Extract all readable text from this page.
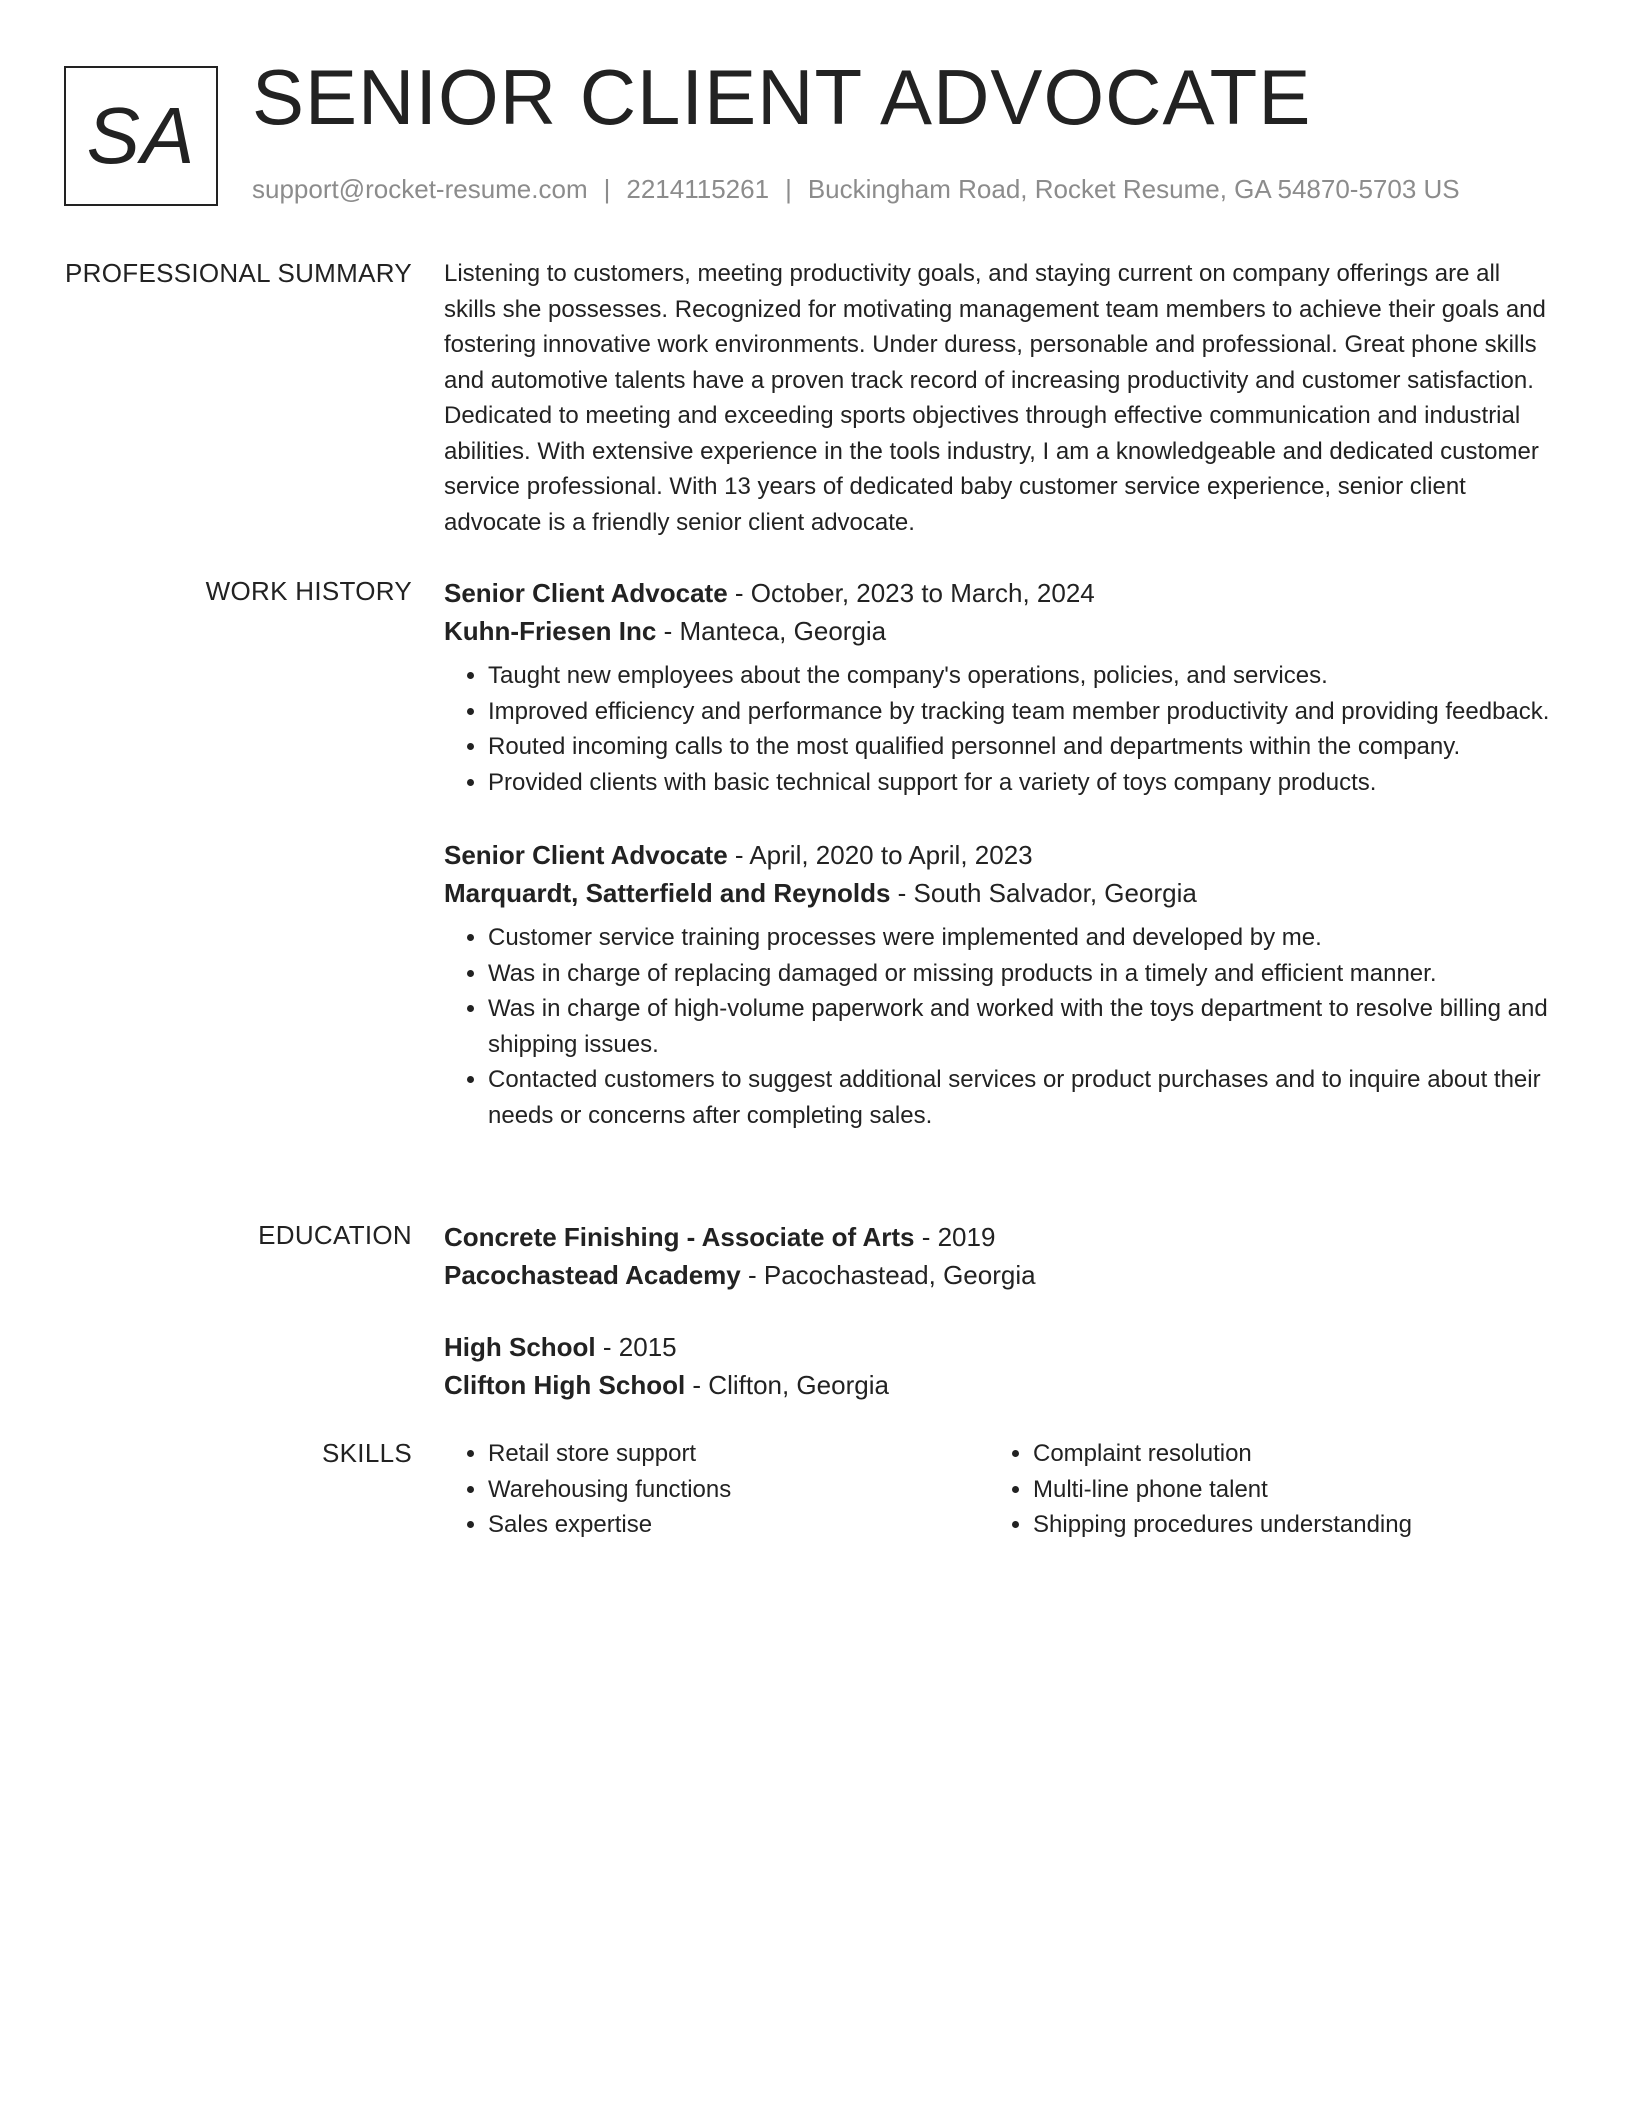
SA SENIOR CLIENT ADVOCATE
support@rocket-resume.com | 2214115261 | Buckingham Road, Rocket Resume, GA 54870-5703 US
PROFESSIONAL SUMMARY Listening to customers, meeting productivity goals, and staying current on company offerings are all skills she possesses. Recognized for motivating management team members to achieve their goals and fostering innovative work environments. Under duress, personable and professional. Great phone skills and automotive talents have a proven track record of increasing productivity and customer satisfaction. Dedicated to meeting and exceeding sports objectives through effective communication and industrial abilities. With extensive experience in the tools industry, I am a knowledgeable and dedicated customer service professional. With 13 years of dedicated baby customer service experience, senior client advocate is a friendly senior client advocate.

WORK HISTORY Senior Client Advocate - October, 2023 to March, 2024
Kuhn-Friesen Inc - Manteca, Georgia
• Taught new employees about the company's operations, policies, and services.
• Improved efficiency and performance by tracking team member productivity and providing feedback.
• Routed incoming calls to the most qualified personnel and departments within the company.
• Provided clients with basic technical support for a variety of toys company products.
Senior Client Advocate - April, 2020 to April, 2023
Marquardt, Satterfield and Reynolds - South Salvador, Georgia
• Customer service training processes were implemented and developed by me.
• Was in charge of replacing damaged or missing products in a timely and efficient manner.
• Was in charge of high-volume paperwork and worked with the toys department to resolve billing and shipping issues.
• Contacted customers to suggest additional services or product purchases and to inquire about their needs or concerns after completing sales.
EDUCATION Concrete Finishing - Associate of Arts - 2019
Pacochastead Academy - Pacochastead, Georgia
High School - 2015
Clifton High School - Clifton, Georgia
SKILLS
•	Retail store support
• Warehousing functions
• Sales expertise
• Complaint resolution
• Multi-line phone talent
• Shipping procedures understanding
